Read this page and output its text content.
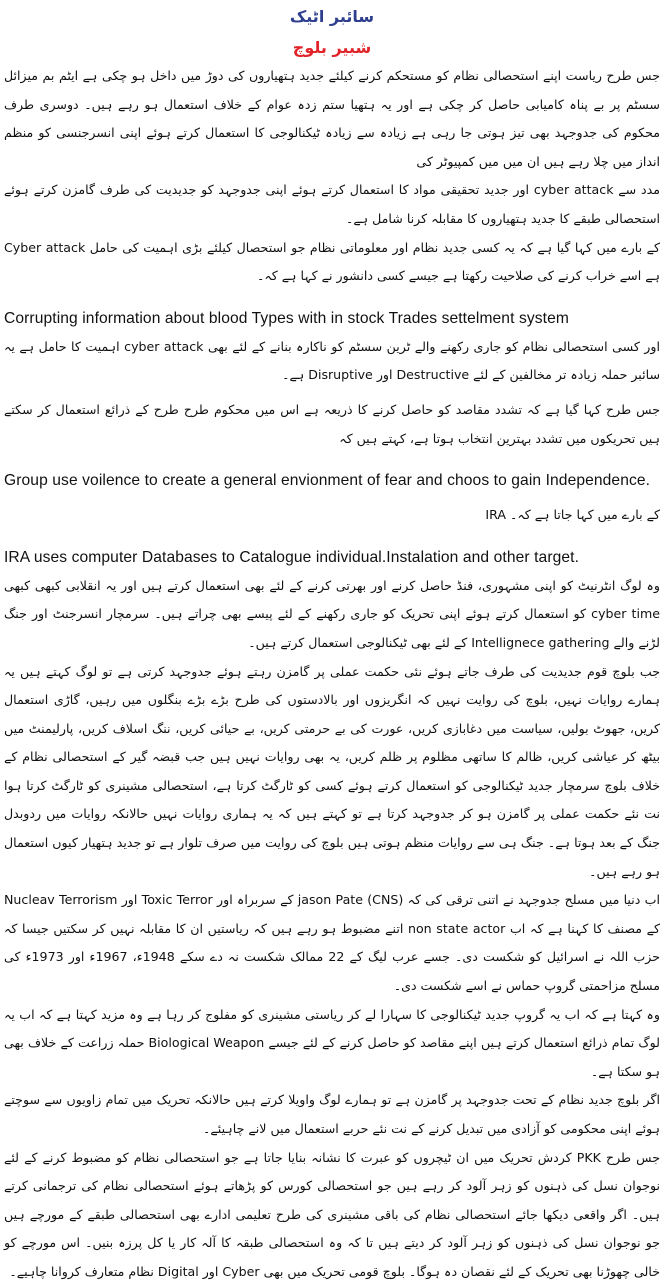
سائبر اٹیک
شبیر بلوچ

جس طرح ریاست اپنے استحصالی نظام کو مستحکم کرنے کیلئے جدید ہتھیاروں کی دوڑ میں داخل ہو چکی ہے ایٹم بم میزائل سسٹم پر بے پناہ کامیابی حاصل کر چکی ہے اور یہ ہتھیا ستم زدہ عوام کے خلاف استعمال ہو رہے ہیں۔ دوسری طرف محکوم کی جدوجہد بھی تیز ہوتی جا رہی ہے زیادہ سے زیادہ ٹیکنالوجی کا استعمال کرتے ہوئے اپنی انسرجنسی کو منظم انداز میں چلا رہے ہیں ان میں میں کمپیوٹر کی

مدد سے cyber attack اور جدید تحقیقی مواد کا استعمال کرتے ہوئے اپنی جدوجہد کو جدیدیت کی طرف گامزن کرتے ہوئے استحصالی طبقے کا جدید ہتھیاروں کا مقابلہ کرنا شامل ہے۔

Cyber attack کے بارے میں کہا گیا ہے کہ یہ کسی جدید نظام اور معلوماتی نظام جو استحصال کیلئے بڑی اہمیت کی حامل ہے اسے خراب کرنے کی صلاحیت رکھتا ہے جیسے کسی دانشور نے کہا ہے کہ۔

Corrupting information about blood Types with in stock Trades settelment system

اور کسی استحصالی نظام کو جاری رکھنے والے ٹرین سسٹم کو ناکارہ بنانے کے لئے بھی cyber attack اہمیت کا حامل ہے یہ سائبر حملہ زیادہ تر مخالفین کے لئے Destructive اور Disruptive ہے۔

جس طرح کہا گیا ہے کہ تشدد مقاصد کو حاصل کرنے کا ذریعہ ہے اس میں محکوم طرح طرح کے ذرائع استعمال کر سکتے ہیں تحریکوں میں تشدد بہترین انتخاب ہوتا ہے، کہتے ہیں کہ

Group use voilence to create a general envionment of fear and choos to gain Independence.

IRA کے بارے میں کہا جاتا ہے کہ۔

IRA uses computer Databases to Catalogue individual.Instalation and other target.

وہ لوگ انٹرنیٹ کو اپنی مشہوری، فنڈ حاصل کرنے اور بھرتی کرنے کے لئے بھی استعمال کرتے ہیں اور یہ انقلابی کبھی کبھی cyber time کو استعمال کرتے ہوئے اپنی تحریک کو جاری رکھنے کے لئے پیسے بھی چراتے ہیں۔ سرمچار انسرجنٹ اور جنگ لڑنے والے Intellignece gathering کے لئے بھی ٹیکنالوجی استعمال کرتے ہیں۔

جب بلوچ قوم جدیدیت کی طرف جاتے ہوئے نئی حکمت عملی پر گامزن رہتے ہوئے جدوجہد کرتی ہے تو لوگ کہتے ہیں یہ ہمارے روایات نہیں، بلوچ کی روایت نہیں کہ انگریزوں اور بالادستوں کی طرح بڑے بڑے بنگلوں میں رہیں، گاڑی استعمال کریں، جھوٹ بولیں، سیاست میں دغابازی کریں، عورت کی بے حرمتی کریں، بے حیائی کریں، ننگ اسلاف کریں، پارلیمنٹ میں بیٹھ کر عیاشی کریں، ظالم کا ساتھی مظلوم پر ظلم کریں، یہ بھی روایات نہیں ہیں جب قبضہ گیر کے استحصالی نظام کے خلاف بلوچ سرمچار جدید ٹیکنالوجی کو استعمال کرتے ہوئے کسی کو ٹارگٹ کرتا ہے، استحصالی مشینری کو ٹارگٹ کرتا ہوا نت نئے حکمت عملی پر گامزن ہو کر جدوجہد کرتا ہے تو کہتے ہیں کہ یہ ہماری روایات نہیں حالانکہ روایات میں ردوبدل جنگ کے بعد ہوتا ہے۔ جنگ ہی سے روایات منظم ہوتی ہیں بلوچ کی روایت میں صرف تلوار ہے تو جدید ہتھیار کیوں استعمال ہو رہے ہیں۔

اب دنیا میں مسلح جدوجہد نے اتنی ترقی کی کہ jason Pate (CNS) کے سربراہ اور Toxic Terror اور Nucleav Terrorism کے مصنف کا کہنا ہے کہ اب non state actor اتنے مضبوط ہو رہے ہیں کہ ریاستیں ان کا مقابلہ نہیں کر سکتیں جیسا کہ حزب اللہ نے اسرائیل کو شکست دی۔ جسے عرب لیگ کے 22 ممالک شکست نہ دے سکے 1948ء، 1967ء اور 1973ء کی مسلح مزاحمتی گروپ حماس نے اسے شکست دی۔

وہ کہتا ہے کہ اب یہ گروپ جدید ٹیکنالوجی کا سہارا لے کر ریاستی مشینری کو مفلوج کر رہا ہے وہ مزید کہتا ہے کہ اب یہ لوگ تمام ذرائع استعمال کرتے ہیں اپنے مقاصد کو حاصل کرنے کے لئے جیسے Biological Weapon حملہ زراعت کے خلاف بھی ہو سکتا ہے۔

اگر بلوچ جدید نظام کے تحت جدوجہد پر گامزن ہے تو ہمارے لوگ واویلا کرتے ہیں حالانکہ تحریک میں تمام زاویوں سے سوچتے ہوئے اپنی محکومی کو آزادی میں تبدیل کرنے کے نت نئے حربے استعمال میں لانے چاہیئے۔

جس طرح PKK کردش تحریک میں ان ٹیچروں کو عبرت کا نشانہ بنایا جاتا ہے جو استحصالی نظام کو مضبوط کرنے کے لئے نوجوان نسل کی ذہنوں کو زہر آلود کر رہے ہیں جو استحصالی کورس کو پڑھاتے ہوئے استحصالی نظام کی ترجمانی کرتے ہیں۔ اگر واقعی دیکھا جائے استحصالی نظام کی باقی مشینری کی طرح تعلیمی ادارے بھی استحصالی طبقے کے مورچے ہیں جو نوجوان نسل کی ذہنوں کو زہر آلود کر دیتے ہیں تا کہ وہ استحصالی طبقہ کا آلہ کار یا کل پرزہ بنیں۔ اس مورچے کو خالی چھوڑنا بھی تحریک کے لئے نقصان دہ ہوگا۔ بلوچ قومی تحریک میں بھی Cyber اور Digital نظام متعارف کروانا چاہیے۔
